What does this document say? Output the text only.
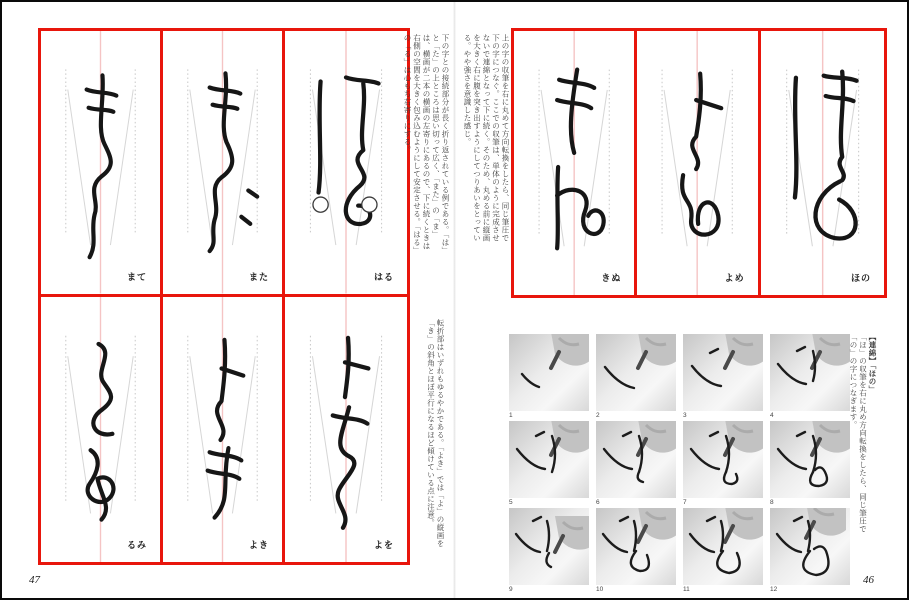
まて	また	はる
るみ	よき	よを
下の字との接続部分が長く折り返されている例である。「は」と「た」の上ところは思い切って広く、「また」の「ま」は、横画が二本の横画の左寄りにあるので、下に続くときは右側の空間を大きく包み込むようにして安定させる。「はる」の「る」は心もち右寄りにする。
転折部はいずれもゆるやかである。「よき」では「よ」の縦画を「き」の斜角とほぼ平行になるほど傾けている点に注意。
きぬ	よめ	ほの
上の字の収筆を右に丸めて方向転換をしたら、同じ筆圧で下の字につなぐ。ここでの収筆は、単体のように完成させないで連綿となって下に続く。そのため、丸める前に縦画を大きく右に腹を突き出すようにしてつりあいをとっている。やや強さを意識した感じ。
1	2	3	4
5	6	7	8
9	10	11	12
【連綿】「ほの」
「ほ」の収筆を右に丸め方向転換をしたら、同じ筆圧で「の」の字につなぎます。
47	46
